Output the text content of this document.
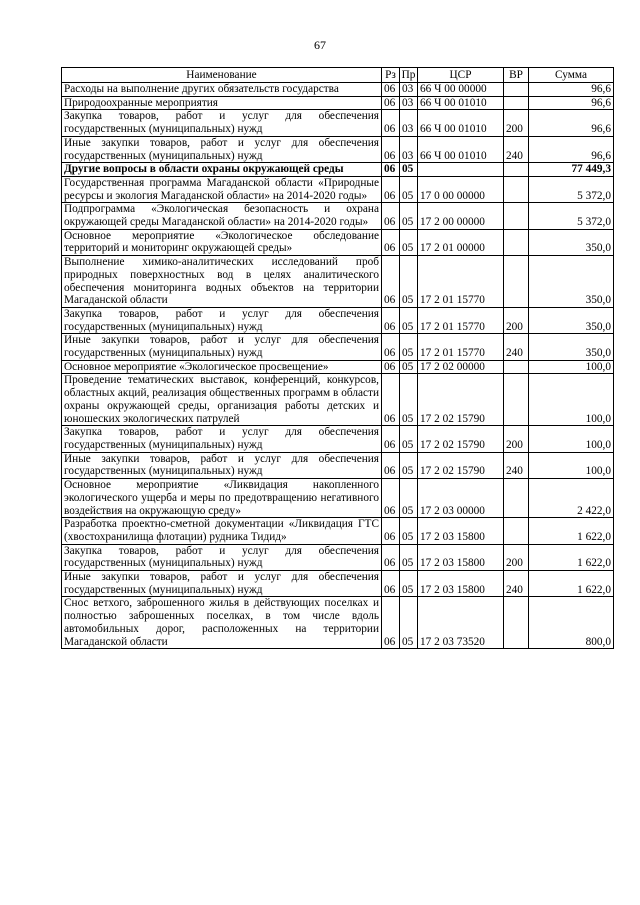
67
Наименование	Рз	Пр	ЦСР	ВР	Сумма
Расходы на выполнение других обязательств государства	06	03	66 Ч 00 00000		96,6
Природоохранные мероприятия	06	03	66 Ч 00 01010		96,6
Закупка товаров, работ и услуг для обеспечения государственных (муниципальных) нужд	06	03	66 Ч 00 01010	200	96,6
Иные закупки товаров, работ и услуг для обеспечения государственных (муниципальных) нужд	06	03	66 Ч 00 01010	240	96,6
Другие вопросы в области охраны окружающей среды	06	05			77 449,3
Государственная программа Магаданской области «Природные ресурсы и экология Магаданской области» на 2014-2020 годы»	06	05	17 0 00 00000		5 372,0
Подпрограмма «Экологическая безопасность и охрана окружающей среды Магаданской области» на 2014-2020 годы»	06	05	17 2 00 00000		5 372,0
Основное мероприятие «Экологическое обследование территорий и мониторинг окружающей среды»	06	05	17 2 01 00000		350,0
Выполнение химико-аналитических исследований проб природных поверхностных вод в целях аналитического обеспечения мониторинга водных объектов на территории Магаданской области	06	05	17 2 01 15770		350,0
Закупка товаров, работ и услуг для обеспечения государственных (муниципальных) нужд	06	05	17 2 01 15770	200	350,0
Иные закупки товаров, работ и услуг для обеспечения государственных (муниципальных) нужд	06	05	17 2 01 15770	240	350,0
Основное мероприятие «Экологическое просвещение»	06	05	17 2 02 00000		100,0
Проведение тематических выставок, конференций, конкурсов, областных акций, реализация общественных программ в области охраны окружающей среды, организация работы детских и юношеских экологических патрулей	06	05	17 2 02 15790		100,0
Закупка товаров, работ и услуг для обеспечения государственных (муниципальных) нужд	06	05	17 2 02 15790	200	100,0
Иные закупки товаров, работ и услуг для обеспечения государственных (муниципальных) нужд	06	05	17 2 02 15790	240	100,0
Основное мероприятие «Ликвидация накопленного экологического ущерба и меры по предотвращению негативного воздействия на окружающую среду»	06	05	17 2 03 00000		2 422,0
Разработка проектно-сметной документации «Ликвидация ГТС (хвостохранилища флотации) рудника Тидид»	06	05	17 2 03 15800		1 622,0
Закупка товаров, работ и услуг для обеспечения государственных (муниципальных) нужд	06	05	17 2 03 15800	200	1 622,0
Иные закупки товаров, работ и услуг для обеспечения государственных (муниципальных) нужд	06	05	17 2 03 15800	240	1 622,0
Снос ветхого, заброшенного жилья в действующих поселках и полностью заброшенных поселках, в том числе вдоль автомобильных дорог, расположенных на территории Магаданской области	06	05	17 2 03 73520		800,0
